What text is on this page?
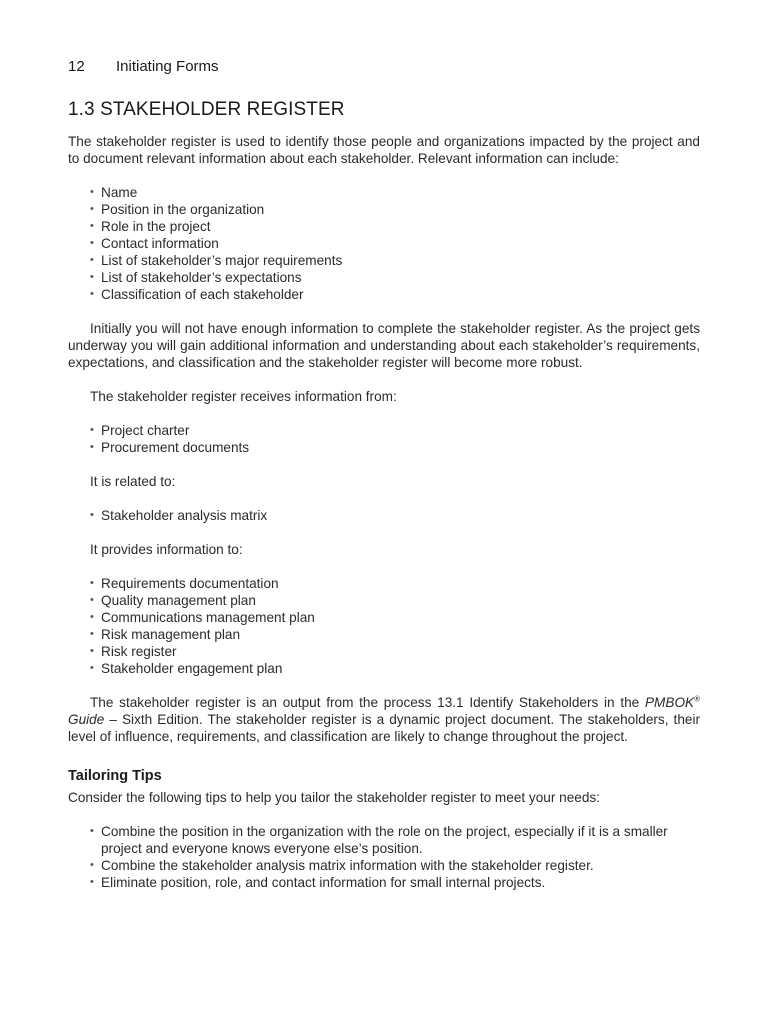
12	Initiating Forms
1.3 STAKEHOLDER REGISTER

The stakeholder register is used to identify those people and organizations impacted by the project and to document relevant information about each stakeholder. Relevant information can include:

• Name
• Position in the organization
• Role in the project
• Contact information
• List of stakeholder’s major requirements
• List of stakeholder’s expectations
• Classification of each stakeholder

Initially you will not have enough information to complete the stakeholder register. As the project gets underway you will gain additional information and understanding about each stakeholder’s requirements, expectations, and classification and the stakeholder register will become more robust.

The stakeholder register receives information from:

• Project charter
• Procurement documents

It is related to:

• Stakeholder analysis matrix

It provides information to:

• Requirements documentation
• Quality management plan
• Communications management plan
• Risk management plan
• Risk register
• Stakeholder engagement plan

The stakeholder register is an output from the process 13.1 Identify Stakeholders in the PMBOK® Guide – Sixth Edition. The stakeholder register is a dynamic project document. The stakeholders, their level of influence, requirements, and classification are likely to change throughout the project.

Tailoring Tips

Consider the following tips to help you tailor the stakeholder register to meet your needs:

• Combine the position in the organization with the role on the project, especially if it is a smaller project and everyone knows everyone else’s position.
• Combine the stakeholder analysis matrix information with the stakeholder register.
• Eliminate position, role, and contact information for small internal projects.
